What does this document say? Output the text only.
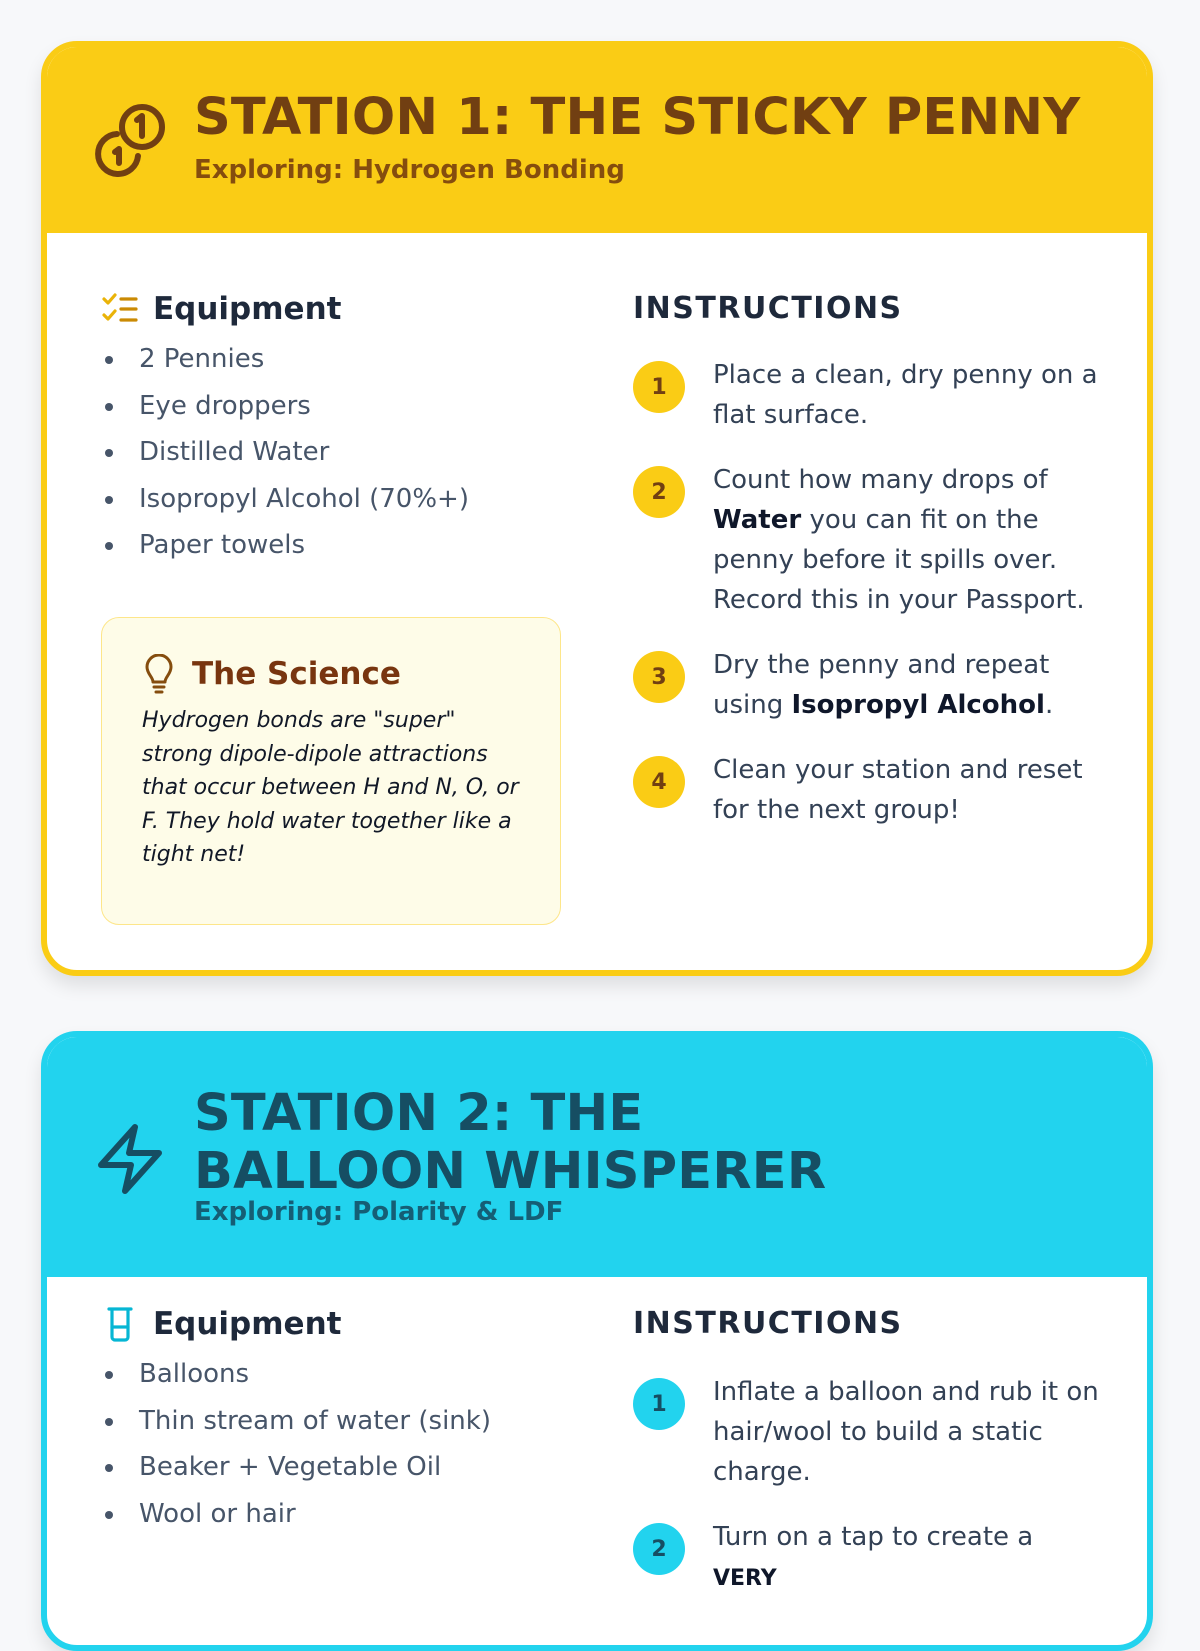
STATION 1: THE STICKY PENNY
Exploring: Hydrogen Bonding
Equipment
2 Pennies
Eye droppers
Distilled Water
Isopropyl Alcohol (70%+)
Paper towels
The Science
Hydrogen bonds are "super" strong dipole-dipole attractions that occur between H and N, O, or F. They hold water together like a tight net!
INSTRUCTIONS
1	Place a clean, dry penny on a flat surface.
2	Count how many drops of Water you can fit on the penny before it spills over. Record this in your Passport.
3	Dry the penny and repeat using Isopropyl Alcohol.
4	Clean your station and reset for the next group!
STATION 2: THE BALLOON WHISPERER
Exploring: Polarity & LDF
Equipment
Balloons
Thin stream of water (sink)
Beaker + Vegetable Oil
Wool or hair
INSTRUCTIONS
1	Inflate a balloon and rub it on hair/wool to build a static charge.
2	Turn on a tap to create a VERY
